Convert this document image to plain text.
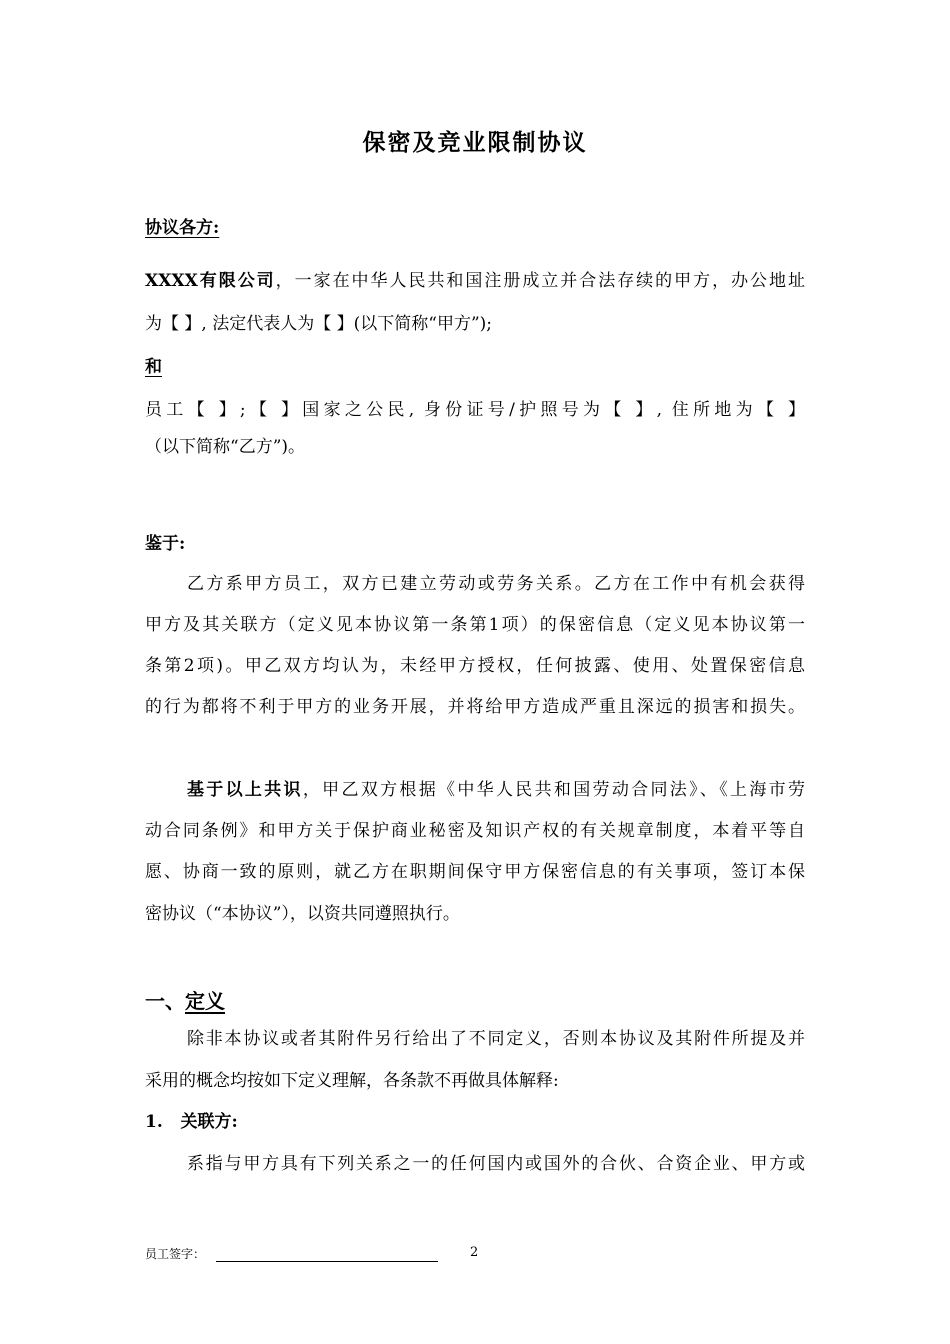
保密及竞业限制协议
协议各方:
XXXX有限公司，一家在中华人民共和国注册成立并合法存续的甲方，办公地址
为【 】, 法定代表人为【 】(以下简称“甲方”);
和
员工【 】;【 】国家之公民, 身份证号/护照号为【 】, 住所地为【 】
（以下简称“乙方”)。
鉴于:
乙方系甲方员工，双方已建立劳动或劳务关系。乙方在工作中有机会获得
甲方及其关联方（定义见本协议第一条第1项）的保密信息（定义见本协议第一
条第2项)。甲乙双方均认为，未经甲方授权，任何披露、使用、处置保密信息
的行为都将不利于甲方的业务开展，并将给甲方造成严重且深远的损害和损失。
基于以上共识，甲乙双方根据《中华人民共和国劳动合同法》、《上海市劳
动合同条例》和甲方关于保护商业秘密及知识产权的有关规章制度，本着平等自
愿、协商一致的原则，就乙方在职期间保守甲方保密信息的有关事项，签订本保
密协议（“本协议”），以资共同遵照执行。
一、定义
除非本协议或者其附件另行给出了不同定义，否则本协议及其附件所提及并
采用的概念均按如下定义理解，各条款不再做具体解释:
1.   关联方:
系指与甲方具有下列关系之一的任何国内或国外的合伙、合资企业、甲方或
员工签字：	2
